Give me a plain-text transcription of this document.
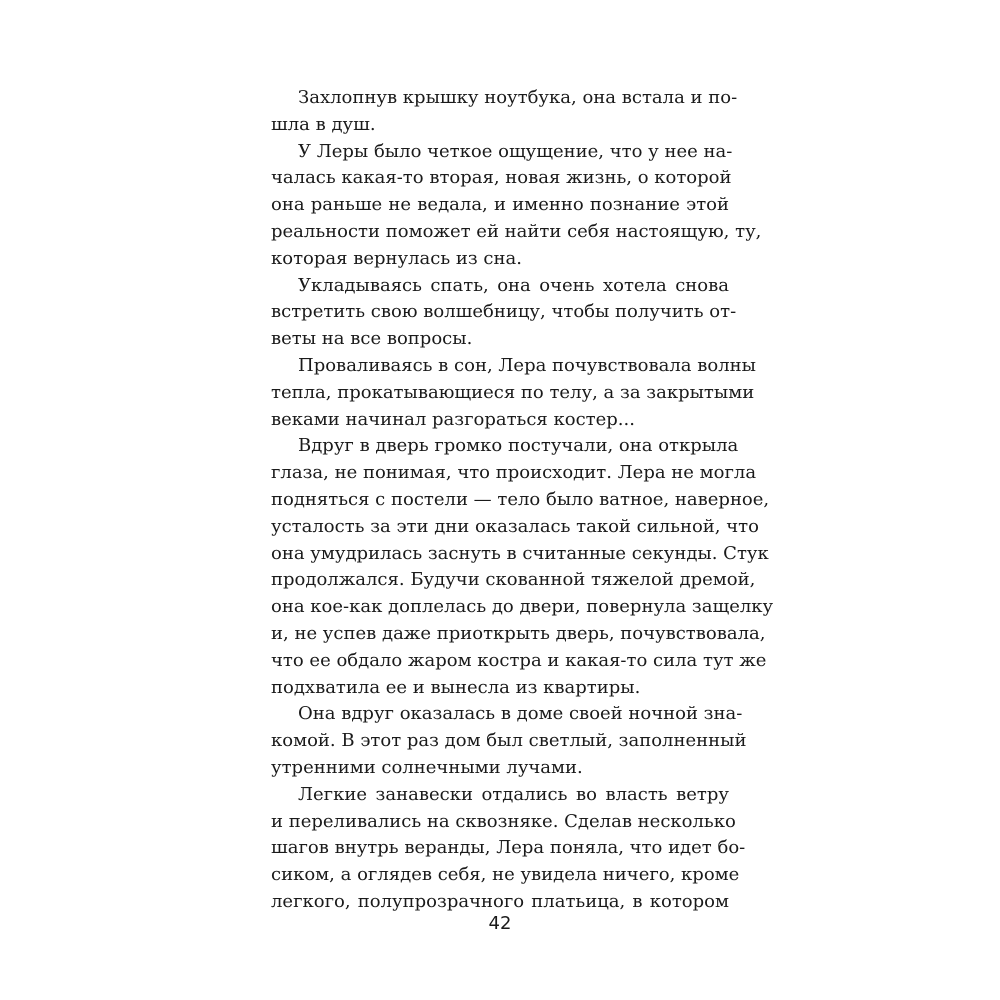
Захлопнув крышку ноутбука, она встала и по-
шла в душ.
У Леры было четкое ощущение, что у нее на-
чалась какая-то вторая, новая жизнь, о которой
она раньше не ведала, и именно познание этой
реальности поможет ей найти себя настоящую, ту,
которая вернулась из сна.
Укладываясь спать, она очень хотела снова
встретить свою волшебницу, чтобы получить от-
веты на все вопросы.
Проваливаясь в сон, Лера почувствовала волны
тепла, прокатывающиеся по телу, а за закрытыми
веками начинал разгораться костер...
Вдруг в дверь громко постучали, она открыла
глаза, не понимая, что происходит. Лера не могла
подняться с постели — тело было ватное, наверное,
усталость за эти дни оказалась такой сильной, что
она умудрилась заснуть в считанные секунды. Стук
продолжался. Будучи скованной тяжелой дремой,
она кое-как доплелась до двери, повернула защелку
и, не успев даже приоткрыть дверь, почувствовала,
что ее обдало жаром костра и какая-то сила тут же
подхватила ее и вынесла из квартиры.
Она вдруг оказалась в доме своей ночной зна-
комой. В этот раз дом был светлый, заполненный
утренними солнечными лучами.
Легкие занавески отдались во власть ветру
и переливались на сквозняке. Сделав несколько
шагов внутрь веранды, Лера поняла, что идет бо-
сиком, а оглядев себя, не увидела ничего, кроме
легкого, полупрозрачного платьица, в котором
42
